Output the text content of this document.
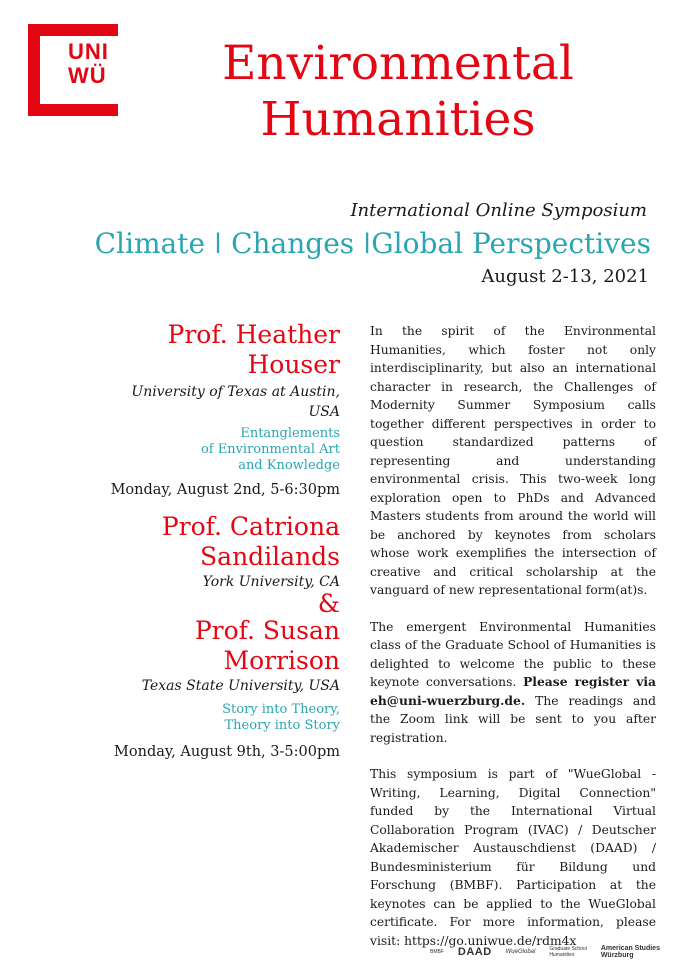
UNI
WÜ	Environmental
Humanities
International Online Symposium
Climate ǀ Changes ǀGlobal Perspectives
August 2-13, 2021
Prof. Heather
Houser
University of Texas at Austin, USA
Entanglements
of Environmental Art
and Knowledge
Monday, August 2nd, 5-6:30pm
Prof. Catriona
Sandilands
York University, CA
&
Prof. Susan
Morrison
Texas State University, USA
Story into Theory,
Theory into Story
Monday, August 9th, 3-5:00pm

In the spirit of the Environmental Humanities, which foster not only interdisciplinarity, but also an international character in research, the Challenges of Modernity Summer Symposium calls together different perspectives in order to question standardized patterns of representing and understanding environmental crisis. This two-week long exploration open to PhDs and Advanced Masters students from around the world will be anchored by keynotes from scholars whose work exemplifies the intersection of creative and critical scholarship at the vanguard of new representational form(at)s.

The emergent Environmental Humanities class of the Graduate School of Humanities is delighted to welcome the public to these keynote conversations. Please register via eh@uni-wuerzburg.de. The readings and the Zoom link will be sent to you after registration.

This symposium is part of "WueGlobal - Writing, Learning, Digital Connection" funded by the International Virtual Collaboration Program (IVAC) / Deutscher Akademischer Austauschdienst (DAAD) / Bundesministerium für Bildung und Forschung (BMBF). Participation at the keynotes can be applied to the WueGlobal certificate. For more information, please visit: https://go.uniwue.de/rdm4x

BMBF DAAD WueGlobal	Graduate School
Humanities
American Studies
Würzburg
